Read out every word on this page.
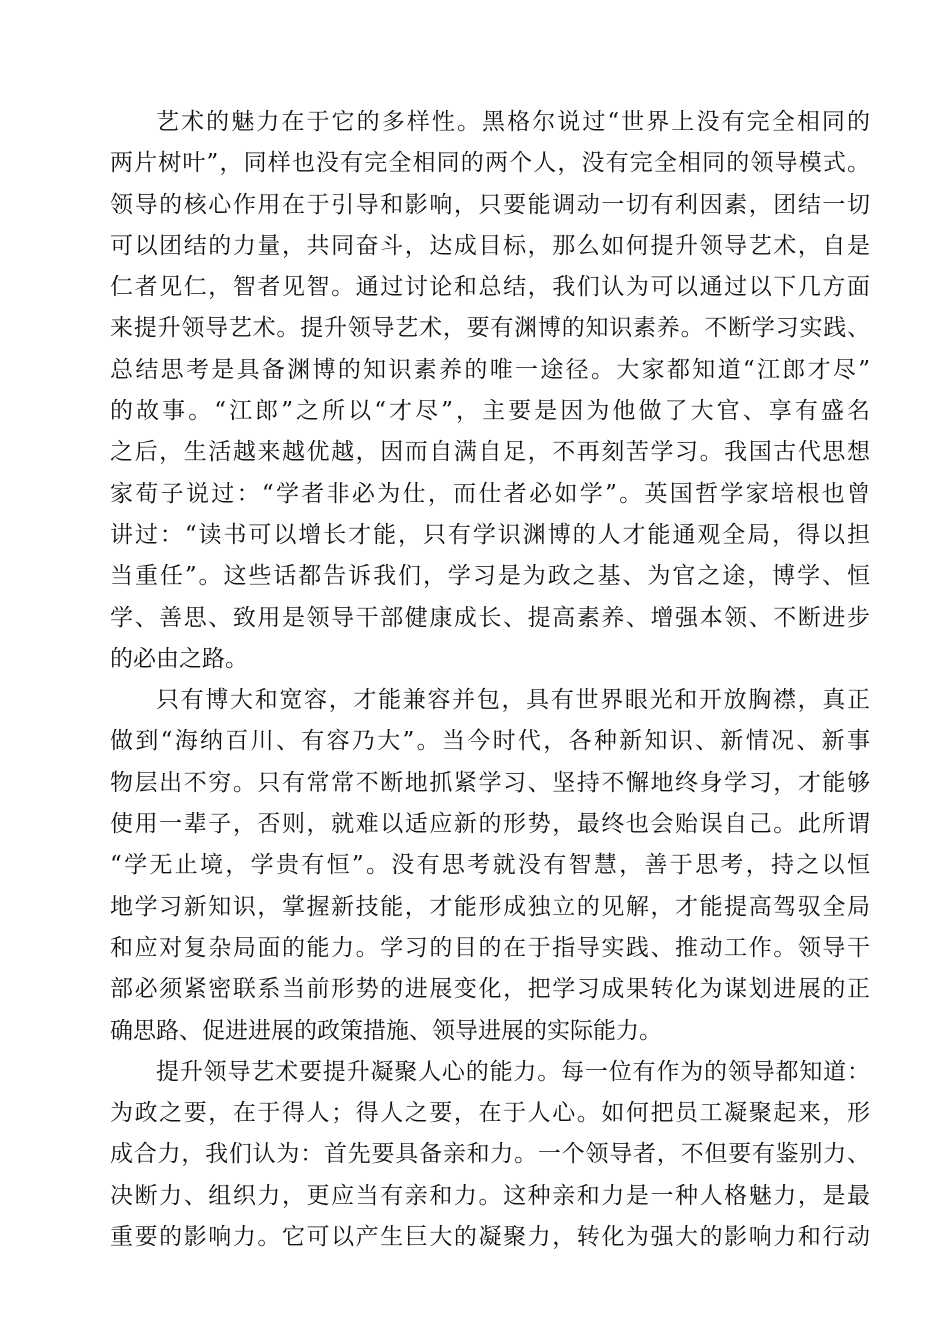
艺术的魅力在于它的多样性。黑格尔说过“世界上没有完全相同的
两片树叶”，同样也没有完全相同的两个人，没有完全相同的领导模式。
领导的核心作用在于引导和影响，只要能调动一切有利因素，团结一切
可以团结的力量，共同奋斗，达成目标，那么如何提升领导艺术，自是
仁者见仁，智者见智。通过讨论和总结，我们认为可以通过以下几方面
来提升领导艺术。提升领导艺术，要有渊博的知识素养。不断学习实践、
总结思考是具备渊博的知识素养的唯一途径。大家都知道“江郎才尽”
的故事。“江郎”之所以“才尽”，主要是因为他做了大官、享有盛名
之后，生活越来越优越，因而自满自足，不再刻苦学习。我国古代思想
家荀子说过：“学者非必为仕，而仕者必如学”。英国哲学家培根也曾
讲过：“读书可以增长才能，只有学识渊博的人才能通观全局，得以担
当重任”。这些话都告诉我们，学习是为政之基、为官之途，博学、恒
学、善思、致用是领导干部健康成长、提高素养、增强本领、不断进步
的必由之路。
只有博大和宽容，才能兼容并包，具有世界眼光和开放胸襟，真正
做到“海纳百川、有容乃大”。当今时代，各种新知识、新情况、新事
物层出不穷。只有常常不断地抓紧学习、坚持不懈地终身学习，才能够
使用一辈子，否则，就难以适应新的形势，最终也会贻误自己。此所谓
“学无止境，学贵有恒”。没有思考就没有智慧，善于思考，持之以恒
地学习新知识，掌握新技能，才能形成独立的见解，才能提高驾驭全局
和应对复杂局面的能力。学习的目的在于指导实践、推动工作。领导干
部必须紧密联系当前形势的进展变化，把学习成果转化为谋划进展的正
确思路、促进进展的政策措施、领导进展的实际能力。
提升领导艺术要提升凝聚人心的能力。每一位有作为的领导都知道：
为政之要，在于得人；得人之要，在于人心。如何把员工凝聚起来，形
成合力，我们认为：首先要具备亲和力。一个领导者，不但要有鉴别力、
决断力、组织力，更应当有亲和力。这种亲和力是一种人格魅力，是最
重要的影响力。它可以产生巨大的凝聚力，转化为强大的影响力和行动
